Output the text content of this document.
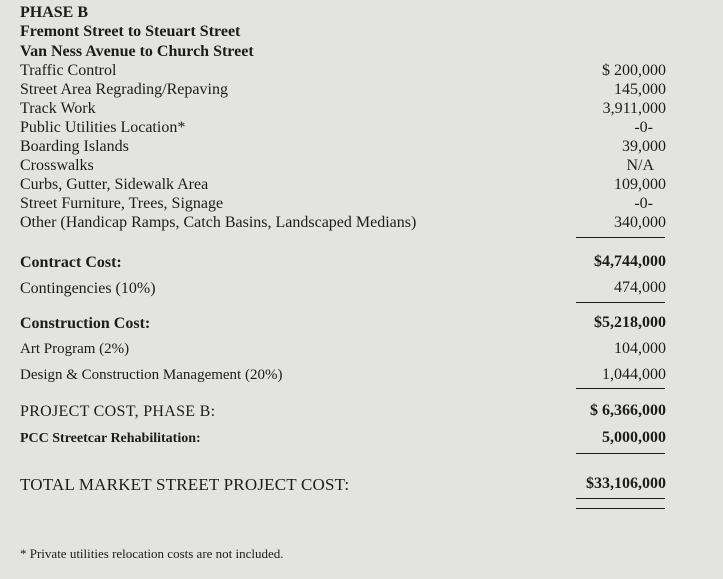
PHASE B
Fremont Street to Steuart Street
Van Ness Avenue to Church Street
Traffic Control	$ 200,000
Street Area Regrading/Repaving	145,000
Track Work	3,911,000
Public Utilities Location*	-0-
Boarding Islands	39,000
Crosswalks	N/A
Curbs, Gutter, Sidewalk Area	109,000
Street Furniture, Trees, Signage	-0-
Other (Handicap Ramps, Catch Basins, Landscaped Medians)	340,000
Contract Cost:	$4,744,000
Contingencies (10%)	474,000
Construction Cost:	$5,218,000
Art Program (2%)	104,000
Design & Construction Management (20%)	1,044,000
PROJECT COST, PHASE B:	$ 6,366,000
PCC Streetcar Rehabilitation:	5,000,000
TOTAL MARKET STREET PROJECT COST:	$33,106,000
* Private utilities relocation costs are not included.
